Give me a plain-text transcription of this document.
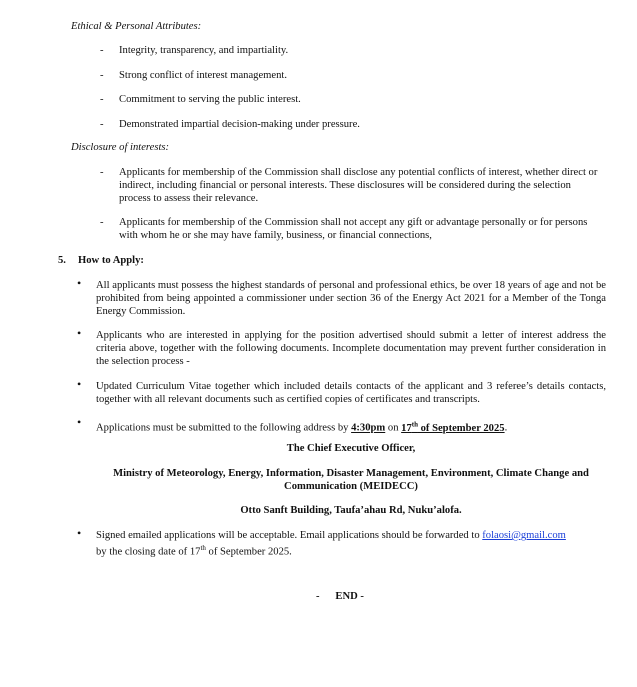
Ethical & Personal Attributes:
- Integrity, transparency, and impartiality.
- Strong conflict of interest management.
- Commitment to serving the public interest.
- Demonstrated impartial decision-making under pressure.
Disclosure of interests:
- Applicants for membership of the Commission shall disclose any potential conflicts of interest, whether direct or indirect, including financial or personal interests. These disclosures will be considered during the selection process to assess their relevance.
- Applicants for membership of the Commission shall not accept any gift or advantage personally or for persons with whom he or she may have family, business, or financial connections,
5. How to Apply:
• All applicants must possess the highest standards of personal and professional ethics, be over 18 years of age and not be prohibited from being appointed a commissioner under section 36 of the Energy Act 2021 for a Member of the Tonga Energy Commission.
• Applicants who are interested in applying for the position advertised should submit a letter of interest address the criteria above, together with the following documents. Incomplete documentation may prevent further consideration in the selection process -
• Updated Curriculum Vitae together which included details contacts of the applicant and 3 referee’s details contacts, together with all relevant documents such as certified copies of certificates and transcripts.
• Applications must be submitted to the following address by 4:30pm on 17th of September 2025.
The Chief Executive Officer,
Ministry of Meteorology, Energy, Information, Disaster Management, Environment, Climate Change and Communication (MEIDECC)
Otto Sanft Building, Taufa’ahau Rd, Nuku’alofa.
• Signed emailed applications will be acceptable. Email applications should be forwarded to folaosi@gmail.com
by the closing date of 17th of September 2025.
-      END -
